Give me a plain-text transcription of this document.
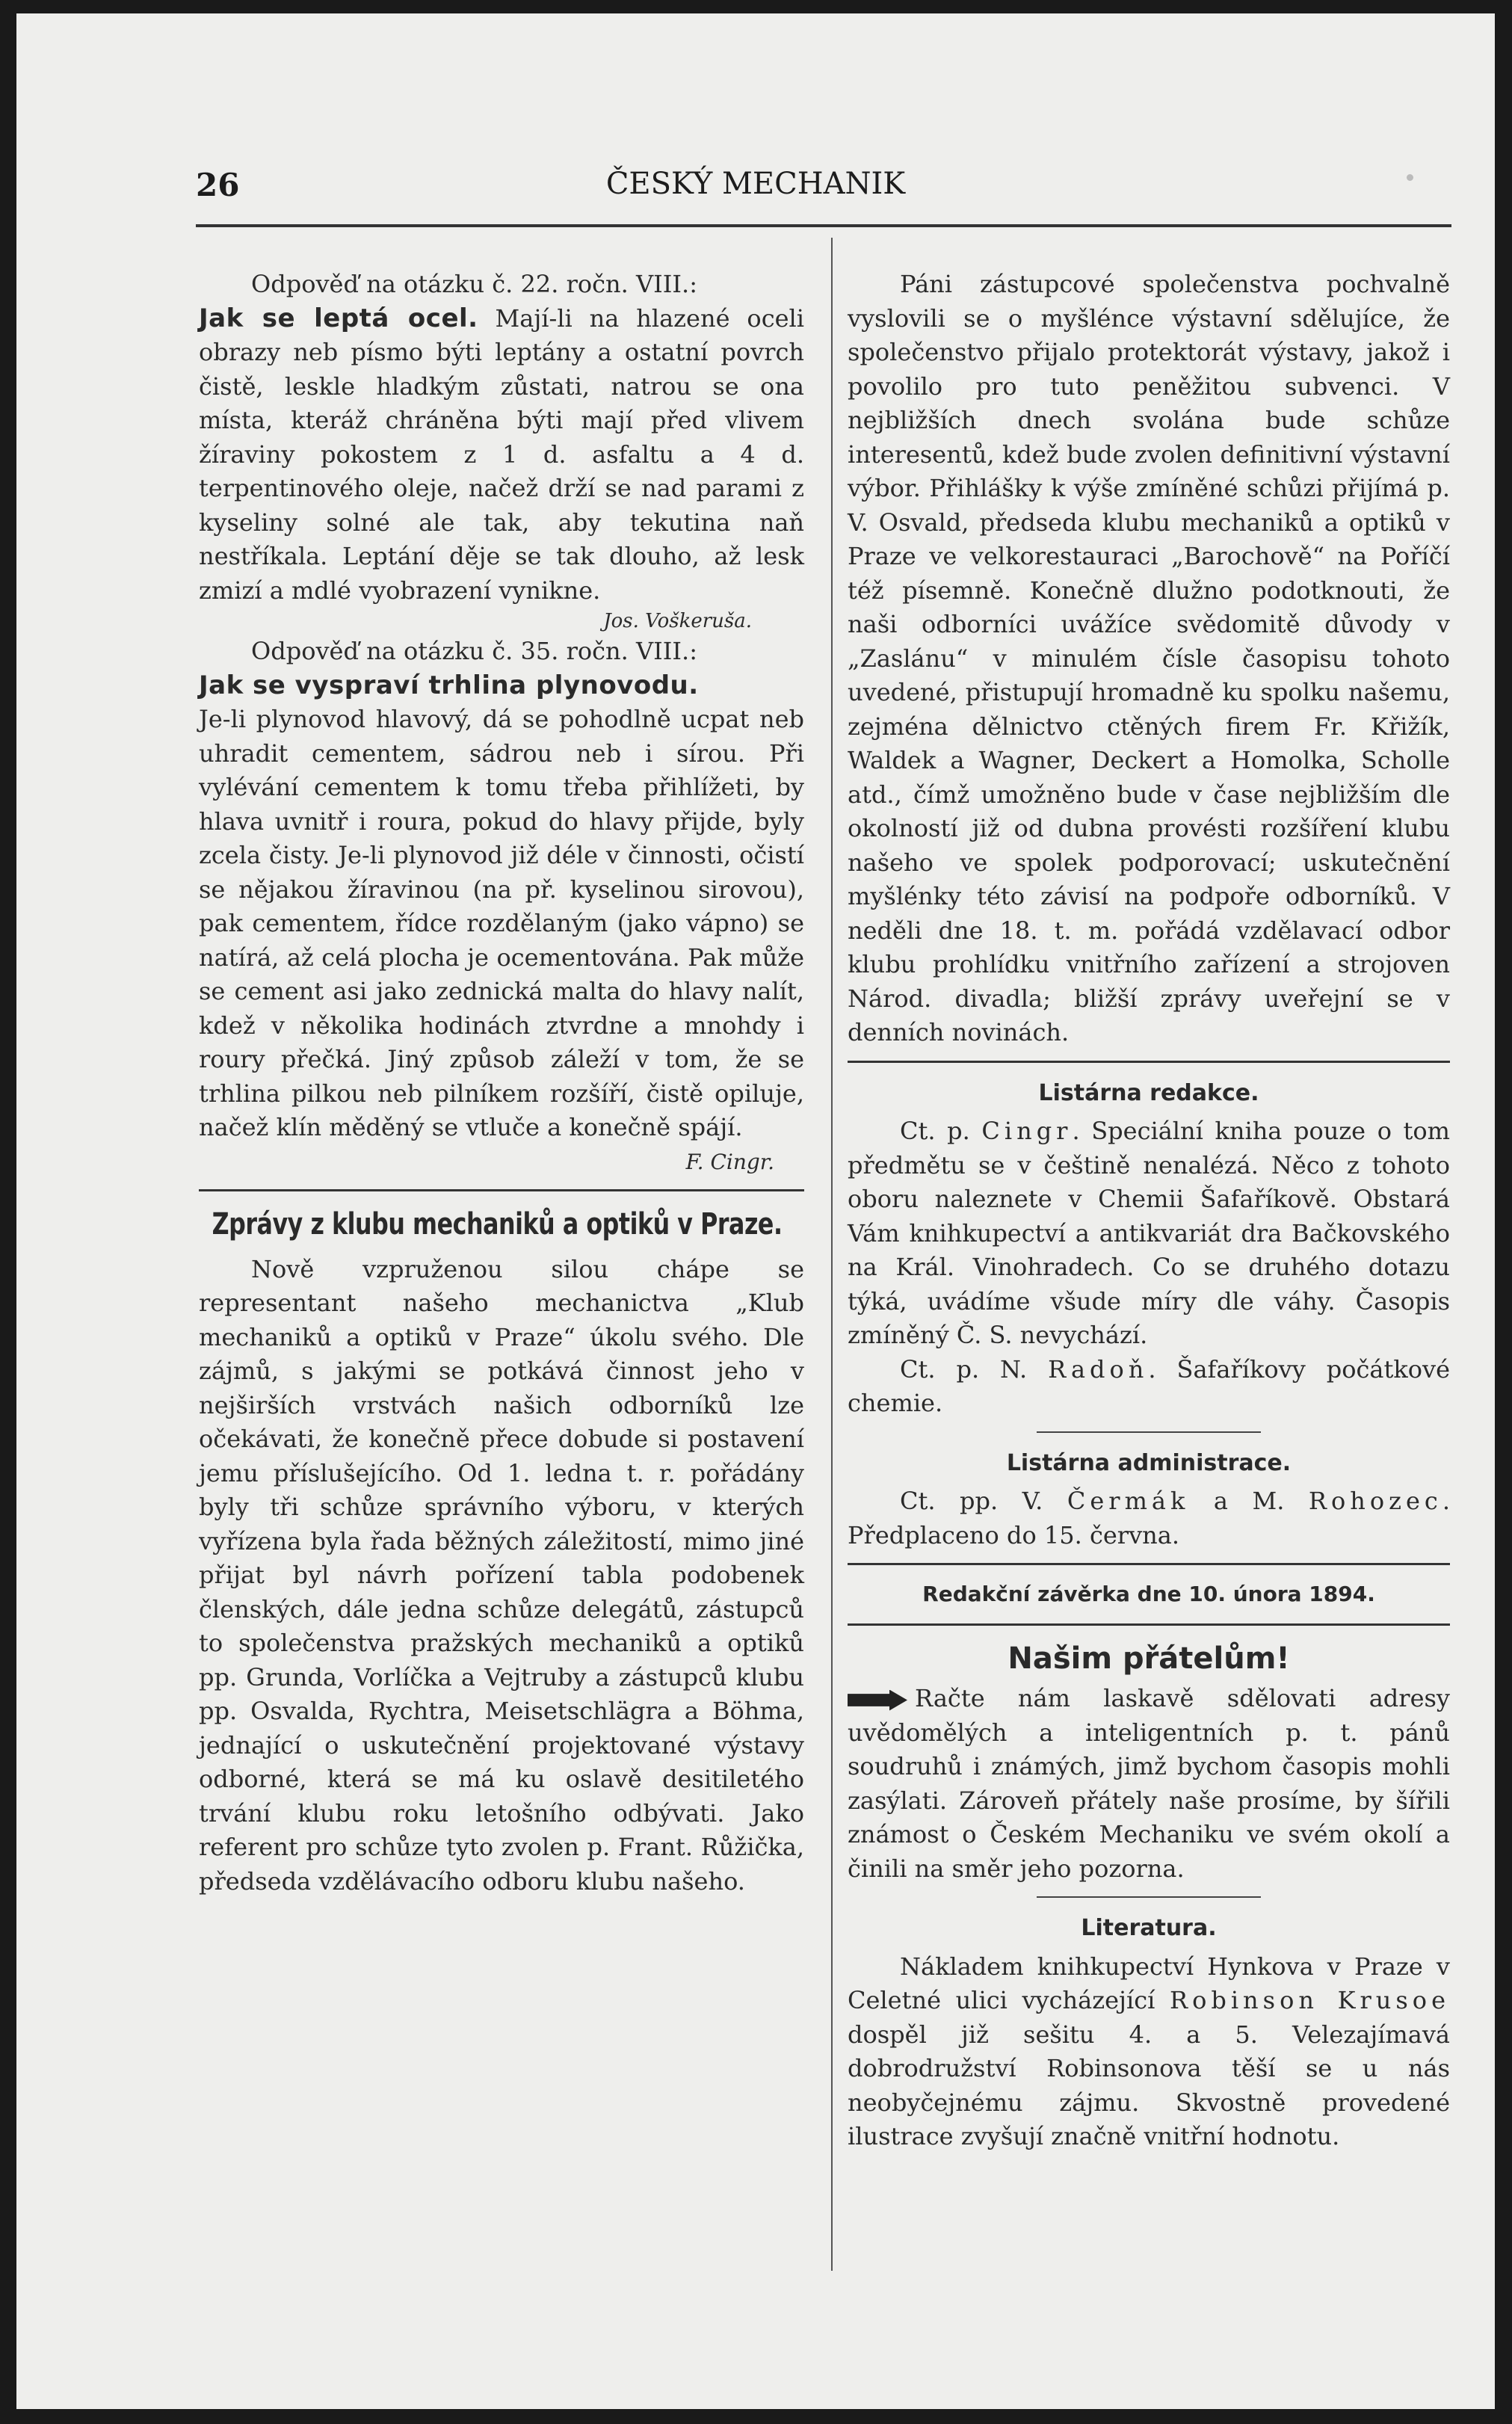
26	ČESKÝ MECHANIK

Odpověď na otázku č. 22. ročn. VIII.:

Jak se leptá ocel. Mají-li na hlazené oceli obrazy neb písmo býti leptány a ostatní povrch čistě, leskle hladkým zůstati, natrou se ona místa, kteráž chráněna býti mají před vlivem žíraviny pokostem z 1 d. asfaltu a 4 d. terpentinového oleje, načež drží se nad parami z kyseliny solné ale tak, aby tekutina naň nestříkala. Leptání děje se tak dlouho, až lesk zmizí a mdlé vyobrazení vynikne.

Jos. Voškeruša.

Odpověď na otázku č. 35. ročn. VIII.:

Jak se vyspraví trhlina plynovodu.

Je-li plynovod hlavový, dá se pohodlně ucpat neb uhradit cementem, sádrou neb i sírou. Při vylévání cementem k tomu třeba přihlížeti, by hlava uvnitř i roura, pokud do hlavy přijde, byly zcela čisty. Je-li plynovod již déle v činnosti, očistí se nějakou žíravinou (na př. kyselinou sirovou), pak cementem, řídce rozdělaným (jako vápno) se natírá, až celá plocha je ocementována. Pak může se cement asi jako zednická malta do hlavy nalít, kdež v několika hodinách ztvrdne a mnohdy i roury přečká. Jiný způsob záleží v tom, že se trhlina pilkou neb pilníkem rozšíří, čistě opiluje, načež klín měděný se vtluče a konečně spájí.

F. Cingr.
Zprávy z klubu mechaniků a optiků v Praze.

Nově vzpruženou silou chápe se representant našeho mechanictva „Klub mechaniků a optiků v Praze“ úkolu svého. Dle zájmů, s jakými se potkává činnost jeho v nejširších vrstvách našich odborníků lze očekávati, že konečně přece dobude si postavení jemu příslušejícího. Od 1. ledna t. r. pořádány byly tři schůze správního výboru, v kterých vyřízena byla řada běžných záležitostí, mimo jiné přijat byl návrh pořízení tabla podobenek členských, dále jedna schůze delegátů, zástupců to společenstva pražských mechaniků a optiků pp. Grunda, Vorlíčka a Vejtruby a zástupců klubu pp. Osvalda, Rychtra, Meisetschlägra a Böhma, jednající o uskutečnění projektované výstavy odborné, která se má ku oslavě desitiletého trvání klubu roku letošního odbývati. Jako referent pro schůze tyto zvolen p. Frant. Růžička, předseda vzdělávacího odboru klubu našeho.

Páni zástupcové společenstva pochvalně vyslovili se o myšlénce výstavní sdělujíce, že společenstvo přijalo protektorát výstavy, jakož i povolilo pro tuto peněžitou subvenci. V nejbližších dnech svolána bude schůze interesentů, kdež bude zvolen definitivní výstavní výbor. Přihlášky k výše zmíněné schůzi přijímá p. V. Osvald, předseda klubu mechaniků a optiků v Praze ve velkorestauraci „Barochově“ na Poříčí též písemně. Konečně dlužno podotknouti, že naši odborníci uvážíce svědomitě důvody v „Zaslánu“ v minulém čísle časopisu tohoto uvedené, přistupují hromadně ku spolku našemu, zejména dělnictvo ctěných firem Fr. Křižík, Waldek a Wagner, Deckert a Homolka, Scholle atd., čímž umožněno bude v čase nejbližším dle okolností již od dubna provésti rozšíření klubu našeho ve spolek podporovací; uskutečnění myšlénky této závisí na podpoře odborníků. V neděli dne 18. t. m. pořádá vzdělavací odbor klubu prohlídku vnitřního zařízení a strojoven Národ. divadla; bližší zprávy uveřejní se v denních novinách.

Listárna redakce.

Ct. p. Cingr. Speciální kniha pouze o tom předmětu se v češtině nenalézá. Něco z tohoto oboru naleznete v Chemii Šafaříkově. Obstará Vám knihkupectví a antikvariát dra Bačkovského na Král. Vinohradech. Co se druhého dotazu týká, uvádíme všude míry dle váhy. Časopis zmíněný Č. S. nevychází.

Ct. p. N. Radoň. Šafaříkovy počátkové chemie.

Listárna administrace.

Ct. pp. V. Čermák a M. Rohozec. Předplaceno do 15. června.

Redakční závěrka dne 10. února 1894.
Našim přátelům!

Račte nám laskavě sdělovati adresy uvědomělých a inteligentních p. t. pánů soudruhů i známých, jimž bychom časopis mohli zasýlati. Zároveň přátely naše prosíme, by šířili známost o Českém Mechaniku ve svém okolí a činili na směr jeho pozorna.

Literatura.

Nákladem knihkupectví Hynkova v Praze v Celetné ulici vycházející Robinson Krusoe dospěl již sešitu 4. a 5. Velezajímavá dobrodružství Robinsonova těší se u nás neobyčejnému zájmu. Skvostně provedené ilustrace zvyšují značně vnitřní hodnotu.
